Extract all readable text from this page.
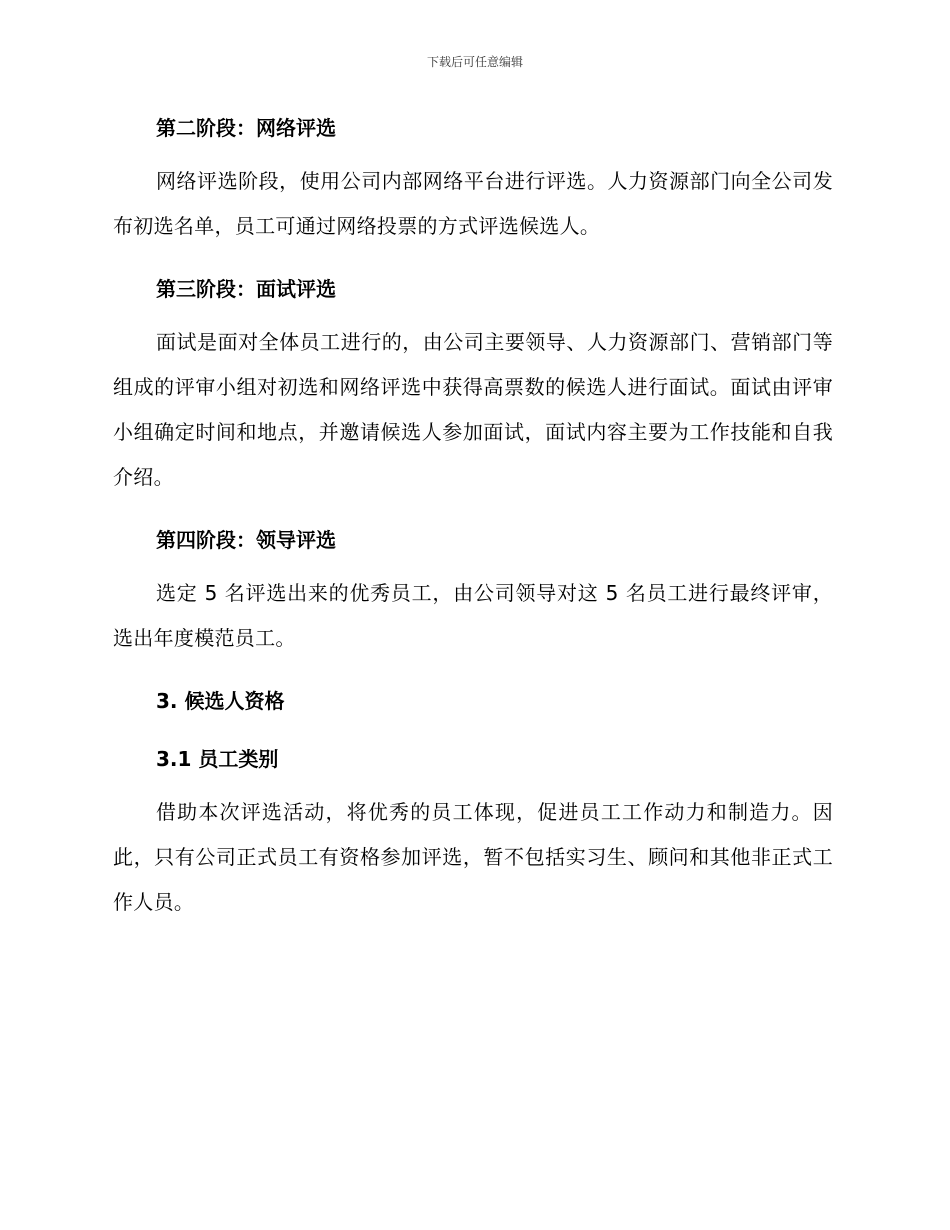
下载后可任意编辑

第二阶段：网络评选

网络评选阶段，使用公司内部网络平台进行评选。人力资源部门向全公司发布初选名单，员工可通过网络投票的方式评选候选人。

第三阶段：面试评选

面试是面对全体员工进行的，由公司主要领导、人力资源部门、营销部门等组成的评审小组对初选和网络评选中获得高票数的候选人进行面试。面试由评审小组确定时间和地点，并邀请候选人参加面试，面试内容主要为工作技能和自我介绍。

第四阶段：领导评选

选定 5 名评选出来的优秀员工，由公司领导对这 5 名员工进行最终评审，选出年度模范员工。

3. 候选人资格

3.1 员工类别

借助本次评选活动，将优秀的员工体现，促进员工工作动力和制造力。因此，只有公司正式员工有资格参加评选，暂不包括实习生、顾问和其他非正式工作人员。
